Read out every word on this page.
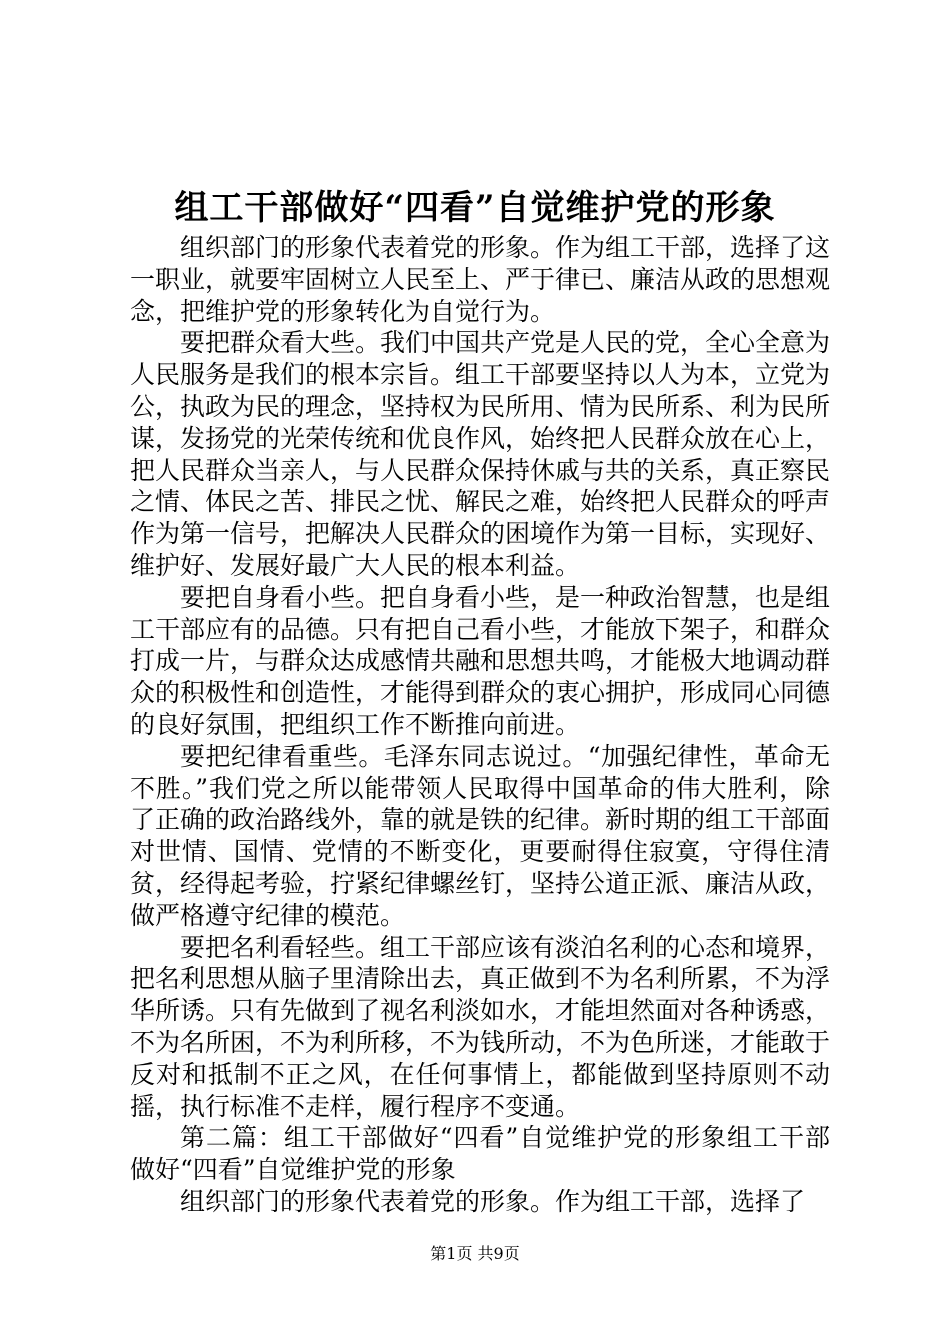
组工干部做好“四看”自觉维护党的形象

组织部门的形象代表着党的形象。作为组工干部，选择了这一职业，就要牢固树立人民至上、严于律已、廉洁从政的思想观念，把维护党的形象转化为自觉行为。

要把群众看大些。我们中国共产党是人民的党，全心全意为人民服务是我们的根本宗旨。组工干部要坚持以人为本，立党为公，执政为民的理念，坚持权为民所用、情为民所系、利为民所谋，发扬党的光荣传统和优良作风，始终把人民群众放在心上，把人民群众当亲人，与人民群众保持休戚与共的关系，真正察民之情、体民之苦、排民之忧、解民之难，始终把人民群众的呼声作为第一信号，把解决人民群众的困境作为第一目标，实现好、维护好、发展好最广大人民的根本利益。

要把自身看小些。把自身看小些，是一种政治智慧，也是组工干部应有的品德。只有把自己看小些，才能放下架子，和群众打成一片，与群众达成感情共融和思想共鸣，才能极大地调动群众的积极性和创造性，才能得到群众的衷心拥护，形成同心同德的良好氛围，把组织工作不断推向前进。

要把纪律看重些。毛泽东同志说过。“加强纪律性，革命无不胜。”我们党之所以能带领人民取得中国革命的伟大胜利，除了正确的政治路线外，靠的就是铁的纪律。新时期的组工干部面对世情、国情、党情的不断变化，更要耐得住寂寞，守得住清贫，经得起考验，拧紧纪律螺丝钉，坚持公道正派、廉洁从政，做严格遵守纪律的模范。

要把名利看轻些。组工干部应该有淡泊名利的心态和境界，把名利思想从脑子里清除出去，真正做到不为名利所累，不为浮华所诱。只有先做到了视名利淡如水，才能坦然面对各种诱惑，不为名所困，不为利所移，不为钱所动，不为色所迷，才能敢于反对和抵制不正之风，在任何事情上，都能做到坚持原则不动摇，执行标准不走样，履行程序不变通。

第二篇：组工干部做好“四看”自觉维护党的形象组工干部做好“四看”自觉维护党的形象

组织部门的形象代表着党的形象。作为组工干部，选择了

第1页 共9页
